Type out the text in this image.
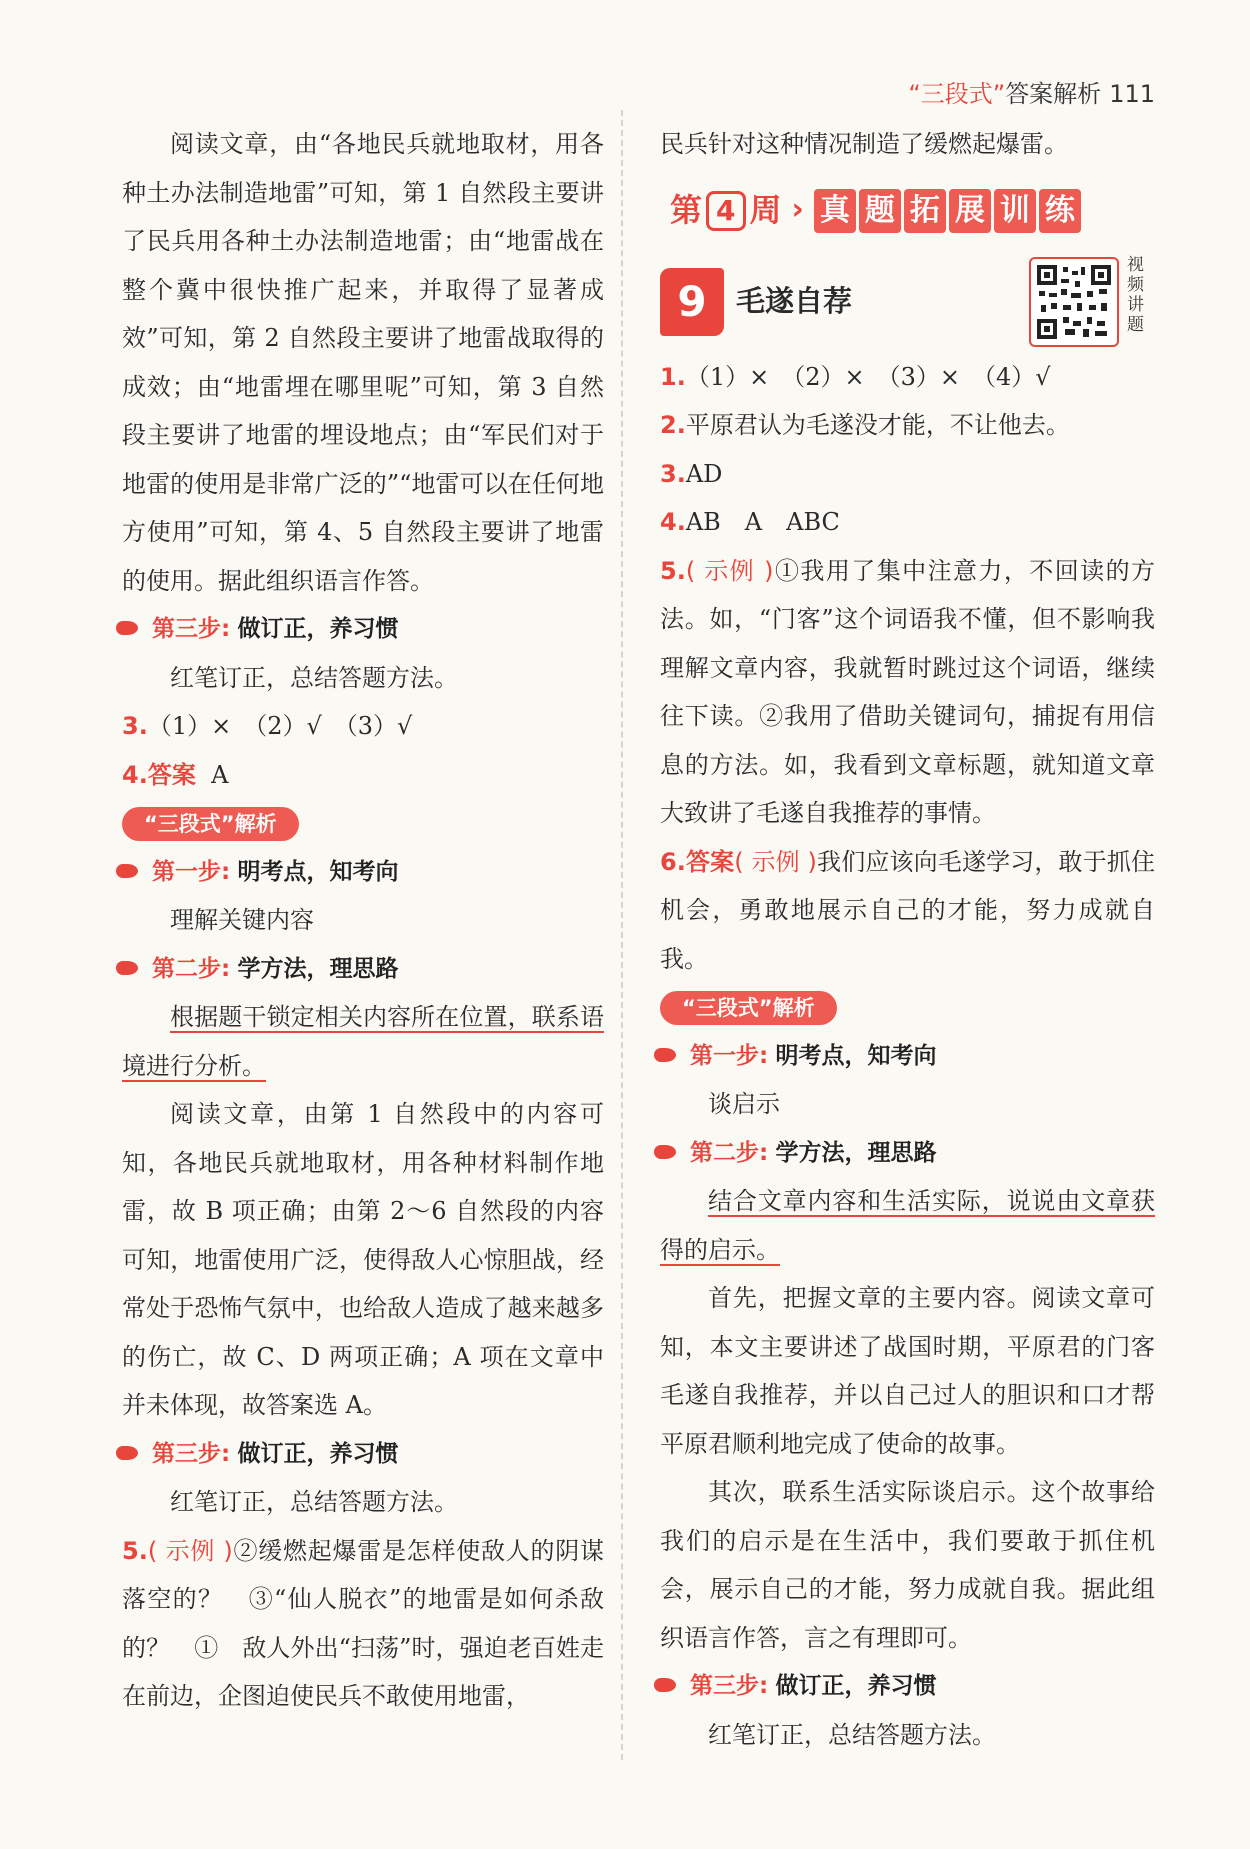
“三段式”答案解析 111

阅读文章，由“各地民兵就地取材，用各种土办法制造地雷”可知，第 1 自然段主要讲了民兵用各种土办法制造地雷；由“地雷战在整个冀中很快推广起来，并取得了显著成效”可知，第 2 自然段主要讲了地雷战取得的成效；由“地雷埋在哪里呢”可知，第 3 自然段主要讲了地雷的埋设地点；由“军民们对于地雷的使用是非常广泛的”“地雷可以在任何地方使用”可知，第 4、5 自然段主要讲了地雷的使用。据此组织语言作答。

第三步: 做订正，养习惯

红笔订正，总结答题方法。

3.（1）×　（2）√　（3）√

4.答案 A

“三段式”解析

第一步: 明考点，知考向

理解关键内容

第二步: 学方法，理思路

根据题干锁定相关内容所在位置，联系语境进行分析。

阅读文章，由第 1 自然段中的内容可知，各地民兵就地取材，用各种材料制作地雷，故 B 项正确；由第 2～6 自然段的内容可知，地雷使用广泛，使得敌人心惊胆战，经常处于恐怖气氛中，也给敌人造成了越来越多的伤亡，故 C、D 两项正确；A 项在文章中并未体现，故答案选 A。

第三步: 做订正，养习惯

红笔订正，总结答题方法。

5.( 示例 )②缓燃起爆雷是怎样使敌人的阴谋落空的？　③“仙人脱衣”的地雷是如何杀敌的？　①　敌人外出“扫荡”时，强迫老百姓走在前边，企图迫使民兵不敢使用地雷，

民兵针对这种情况制造了缓燃起爆雷。

第 4 周 › 真 题 拓 展 训 练
9	毛遂自荐
视频讲题

1.（1）×　（2）×　（3）×　（4）√

2.平原君认为毛遂没才能，不让他去。

3.AD

4.AB　A　ABC

5.( 示例 )①我用了集中注意力，不回读的方法。如，“门客”这个词语我不懂，但不影响我理解文章内容，我就暂时跳过这个词语，继续往下读。②我用了借助关键词句，捕捉有用信息的方法。如，我看到文章标题，就知道文章大致讲了毛遂自我推荐的事情。

6.答案( 示例 )我们应该向毛遂学习，敢于抓住机会，勇敢地展示自己的才能，努力成就自我。

“三段式”解析

第一步: 明考点，知考向

谈启示

第二步: 学方法，理思路

结合文章内容和生活实际，说说由文章获得的启示。

首先，把握文章的主要内容。阅读文章可知，本文主要讲述了战国时期，平原君的门客毛遂自我推荐，并以自己过人的胆识和口才帮平原君顺利地完成了使命的故事。

其次，联系生活实际谈启示。这个故事给我们的启示是在生活中，我们要敢于抓住机会，展示自己的才能，努力成就自我。据此组织语言作答，言之有理即可。

第三步: 做订正，养习惯

红笔订正，总结答题方法。
